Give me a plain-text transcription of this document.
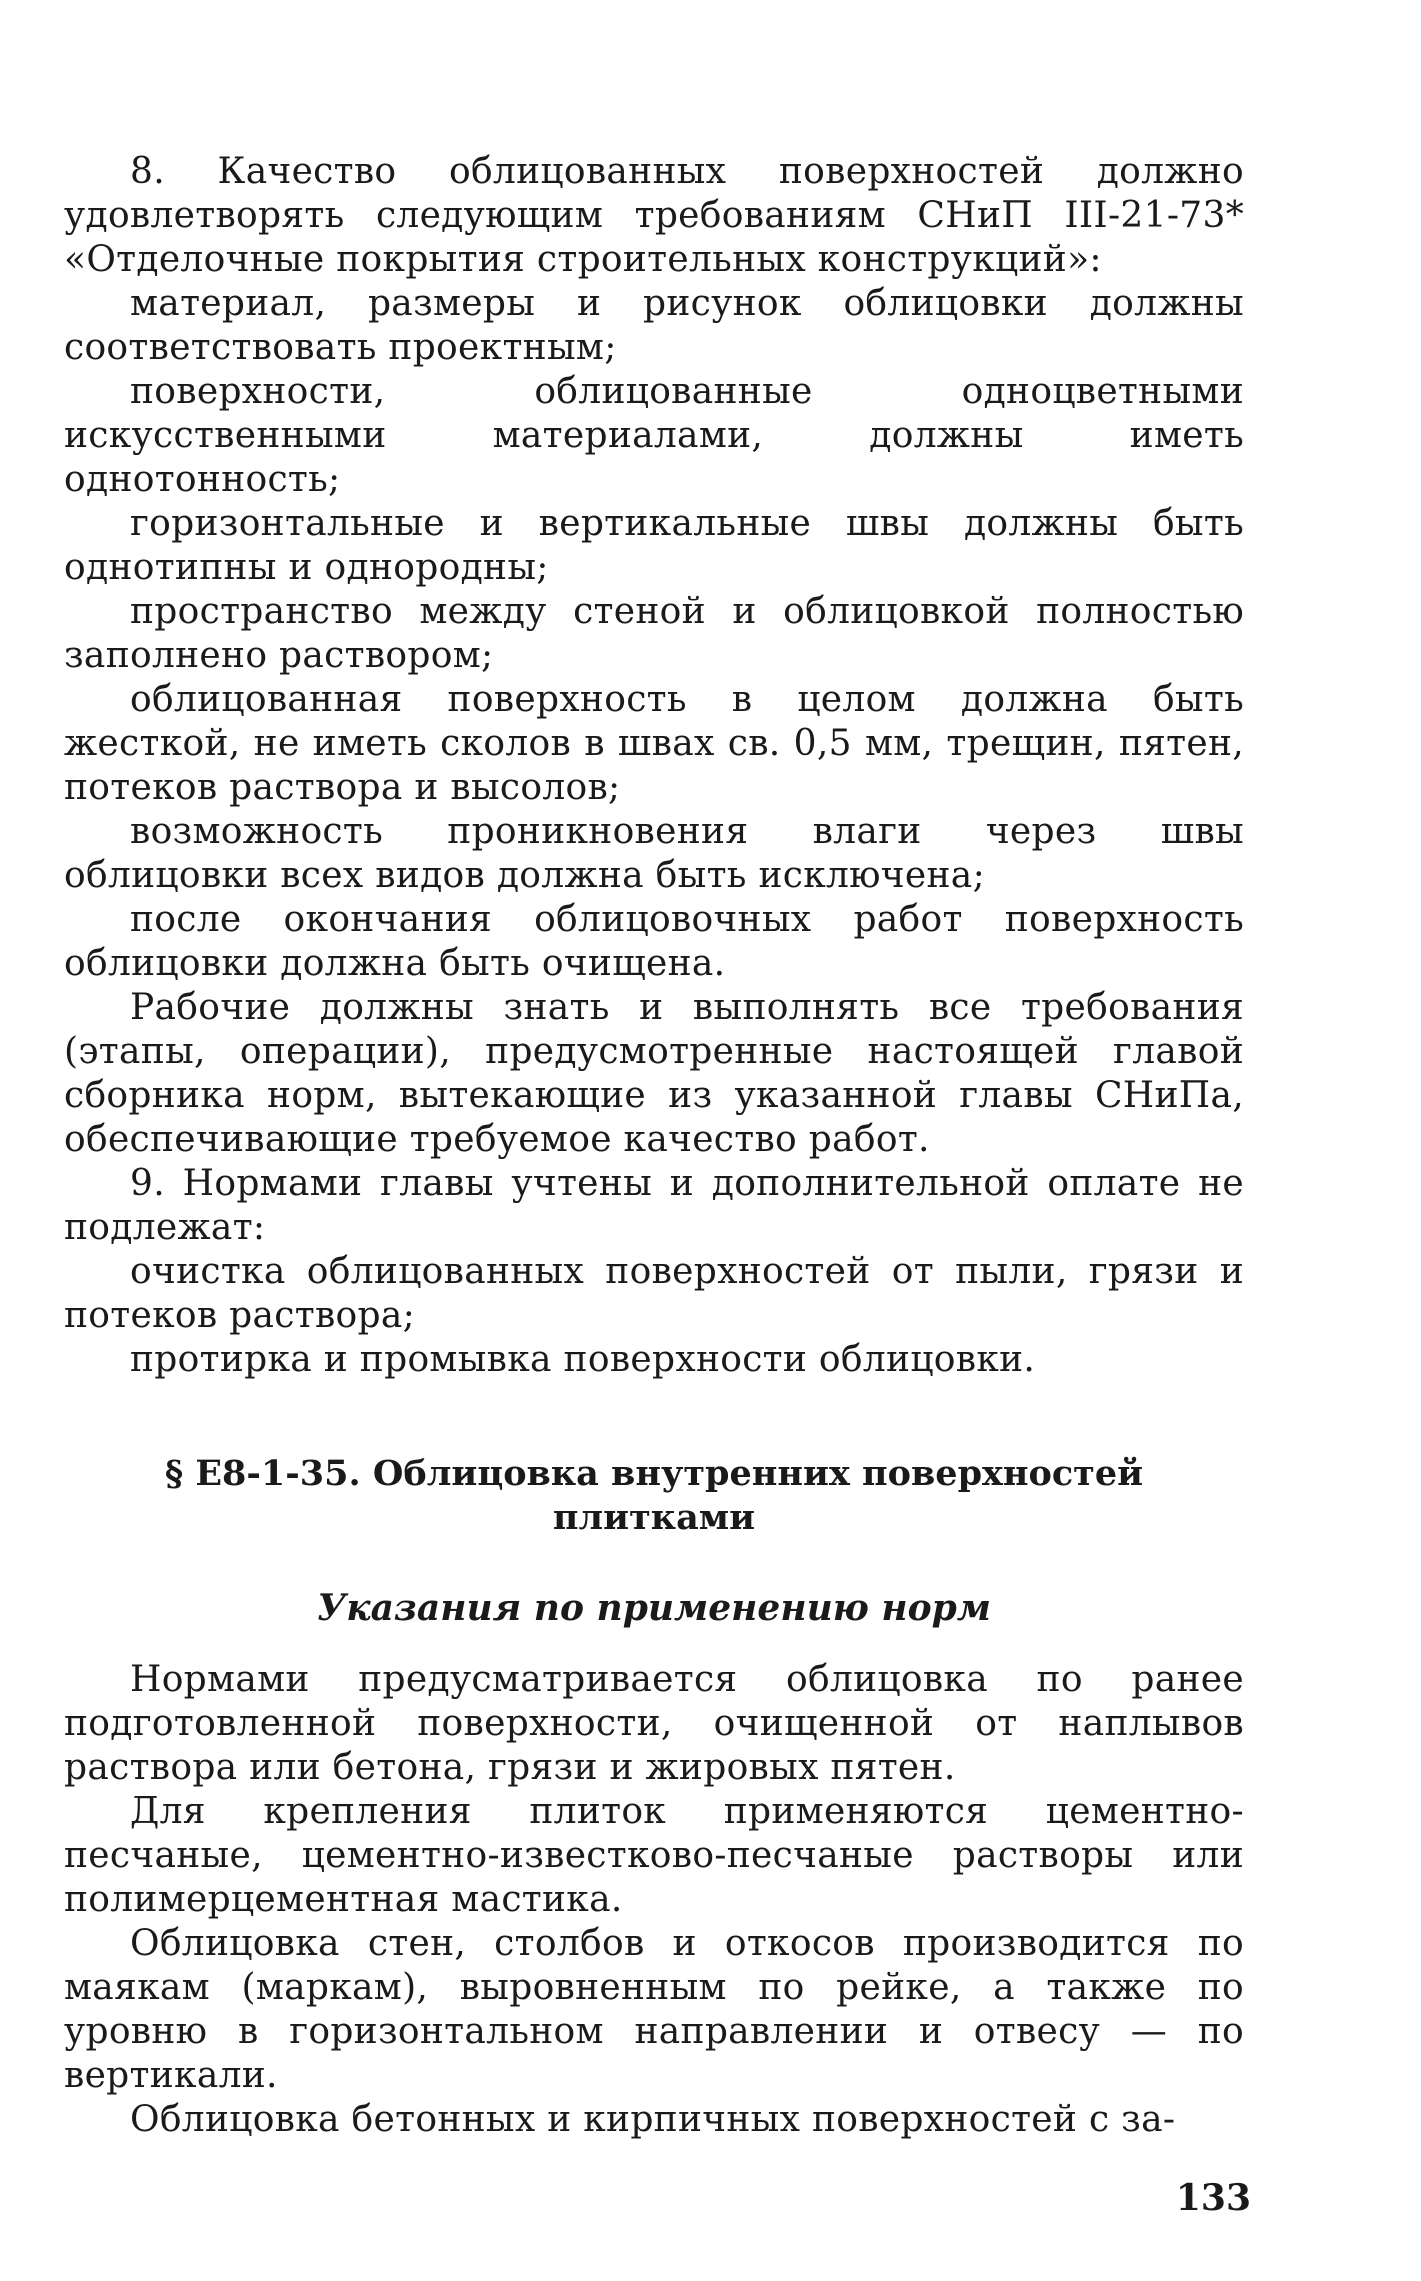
8. Качество облицованных поверхностей должно удовлетворять следующим требованиям СНиП III-21-73* «Отделочные покрытия строительных конструкций»:

материал, размеры и рисунок облицовки должны соответствовать проектным;

поверхности, облицованные одноцветными искусственными материалами, должны иметь однотонность;

горизонтальные и вертикальные швы должны быть однотипны и однородны;

пространство между стеной и облицовкой полностью заполнено раствором;

облицованная поверхность в целом должна быть жесткой, не иметь сколов в швах св. 0,5 мм, трещин, пятен, потеков раствора и высолов;

возможность проникновения влаги через швы облицовки всех видов должна быть исключена;

после окончания облицовочных работ поверхность облицовки должна быть очищена.

Рабочие должны знать и выполнять все требования (этапы, операции), предусмотренные настоящей главой сборника норм, вытекающие из указанной главы СНиПа, обеспечивающие требуемое качество работ.

9. Нормами главы учтены и дополнительной оплате не подлежат:

очистка облицованных поверхностей от пыли, грязи и потеков раствора;

протирка и промывка поверхности облицовки.

§ Е8-1-35. Облицовка внутренних поверхностей
плитками
Указания по применению норм

Нормами предусматривается облицовка по ранее подготовленной поверхности, очищенной от наплывов раствора или бетона, грязи и жировых пятен.

Для крепления плиток применяются цементно-песчаные, цементно-известково-песчаные растворы или полимерцементная мастика.

Облицовка стен, столбов и откосов производится по маякам (маркам), выровненным по рейке, а также по уровню в горизонтальном направлении и отвесу — по вертикали.

Облицовка бетонных и кирпичных поверхностей с за-

133
